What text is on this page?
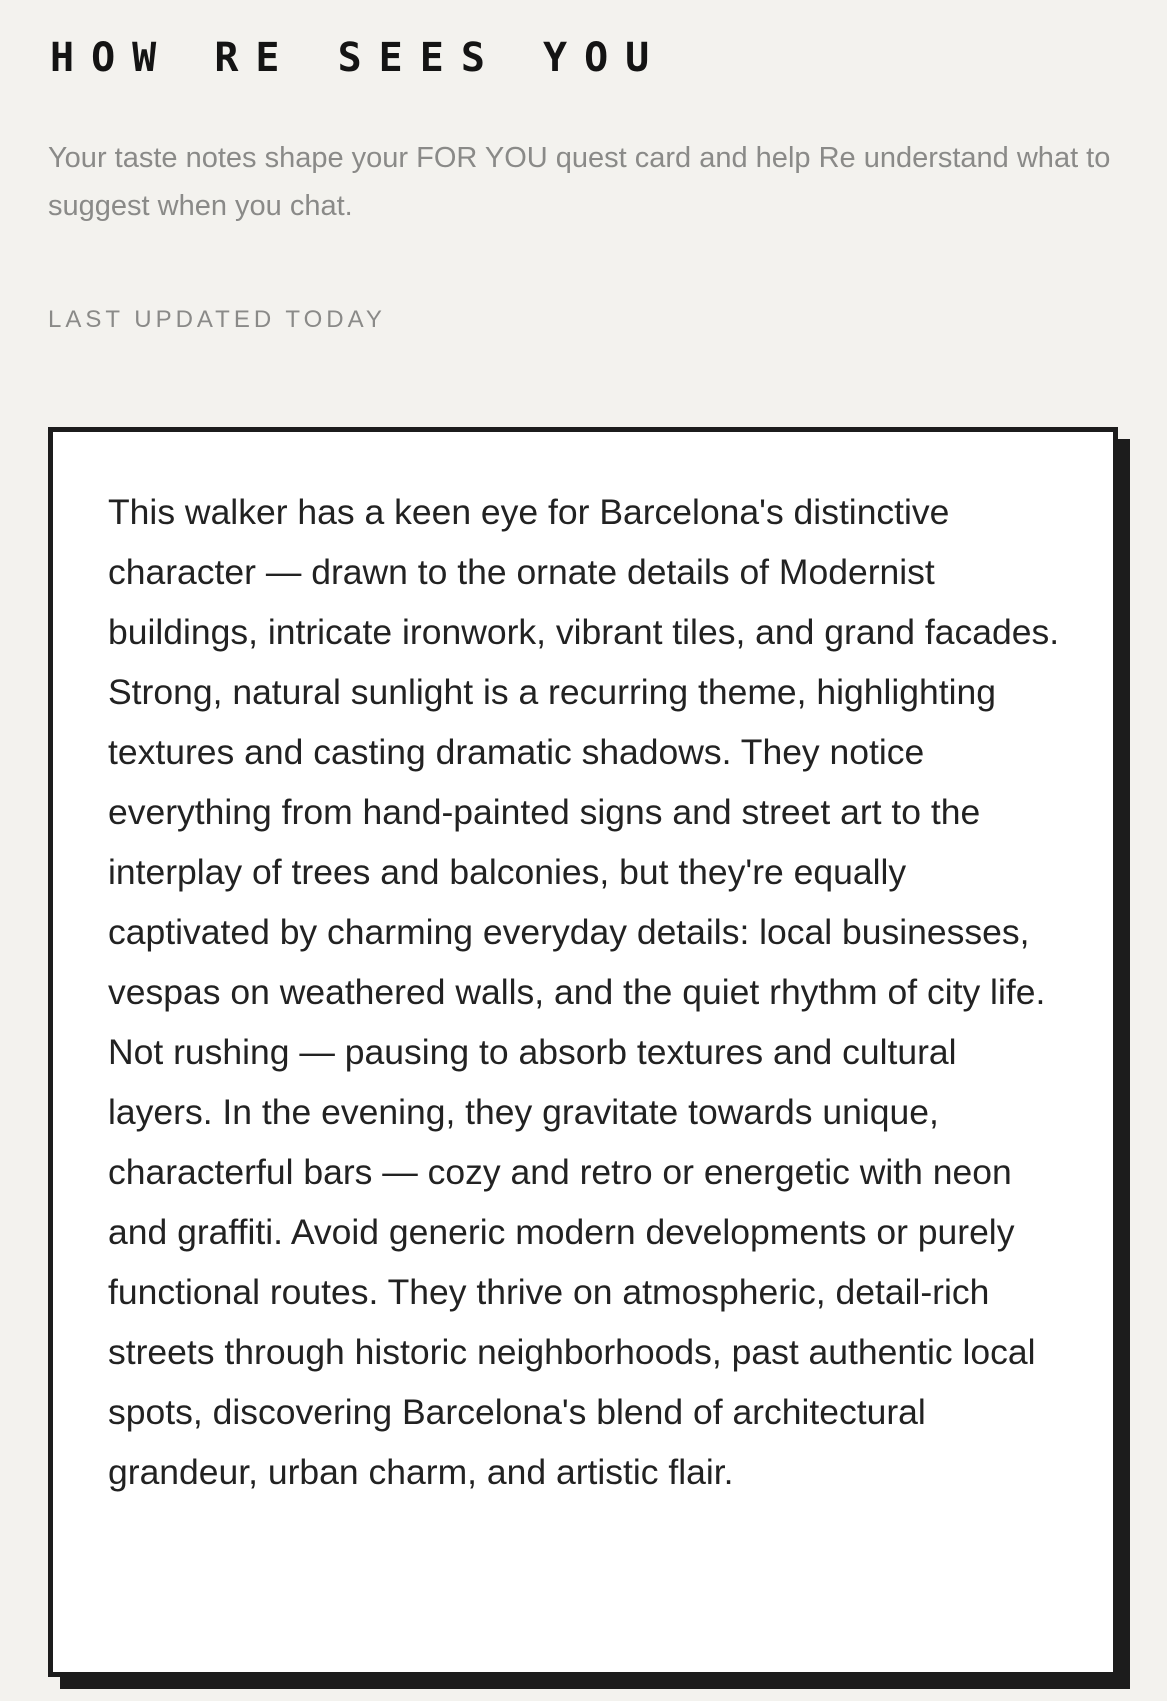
HOW RE SEES YOU

Your taste notes shape your FOR YOU quest card and help Re understand what to suggest when you chat.

LAST UPDATED TODAY

This walker has a keen eye for Barcelona's distinctive character — drawn to the ornate details of Modernist buildings, intricate ironwork, vibrant tiles, and grand facades. Strong, natural sunlight is a recurring theme, highlighting textures and casting dramatic shadows. They notice everything from hand-painted signs and street art to the interplay of trees and balconies, but they're equally captivated by charming everyday details: local businesses, vespas on weathered walls, and the quiet rhythm of city life. Not rushing — pausing to absorb textures and cultural layers. In the evening, they gravitate towards unique, characterful bars — cozy and retro or energetic with neon and graffiti. Avoid generic modern developments or purely functional routes. They thrive on atmospheric, detail-rich streets through historic neighborhoods, past authentic local spots, discovering Barcelona's blend of architectural grandeur, urban charm, and artistic flair.
